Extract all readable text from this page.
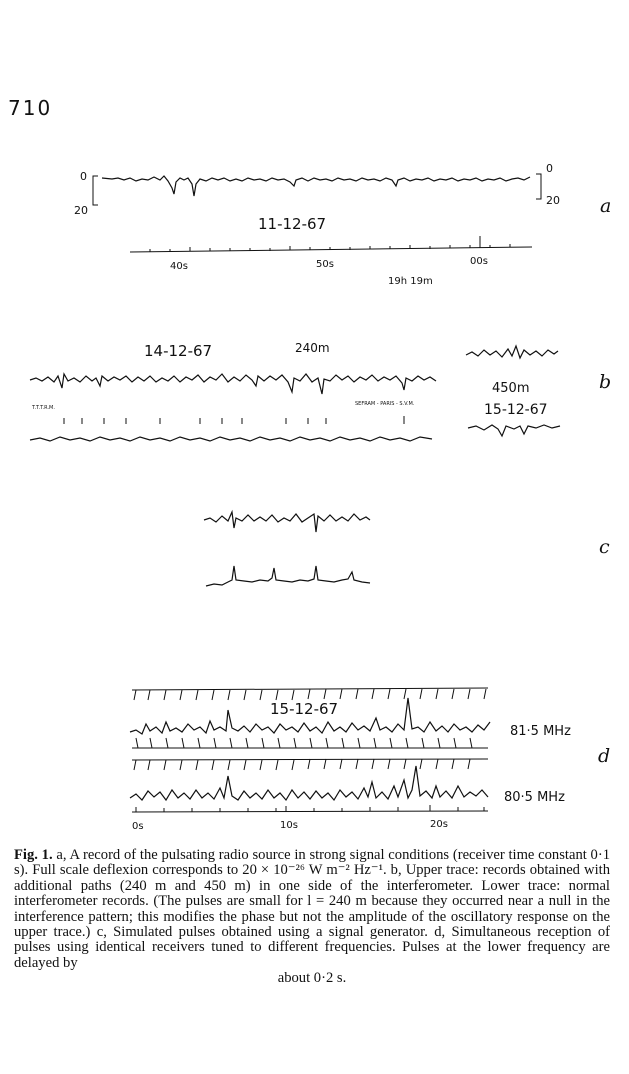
710
0
20
0
20 a
11-12-67
40s	50s	00s
19h 19m
14-12-67	240m
T.T.T.R.M.
SEFRAM - PARIS - S.V.M.
450m	b
15-12-67
c
15-12-67
81·5 MHz
d
80·5 MHz
0s	10s	20s
Fig. 1. a, A record of the pulsating radio source in strong signal conditions (receiver time constant 0·1 s). Full scale deflexion corresponds to 20 × 10⁻²⁶ W m⁻² Hz⁻¹. b, Upper trace: records obtained with additional paths (240 m and 450 m) in one side of the interferometer. Lower trace: normal interferometer records. (The pulses are small for l = 240 m because they occurred near a null in the interference pattern; this modifies the phase but not the amplitude of the oscillatory response on the upper trace.) c, Simulated pulses obtained using a signal generator. d, Simultaneous reception of pulses using identical receivers tuned to different frequencies. Pulses at the lower frequency are delayed by
about 0·2 s.
